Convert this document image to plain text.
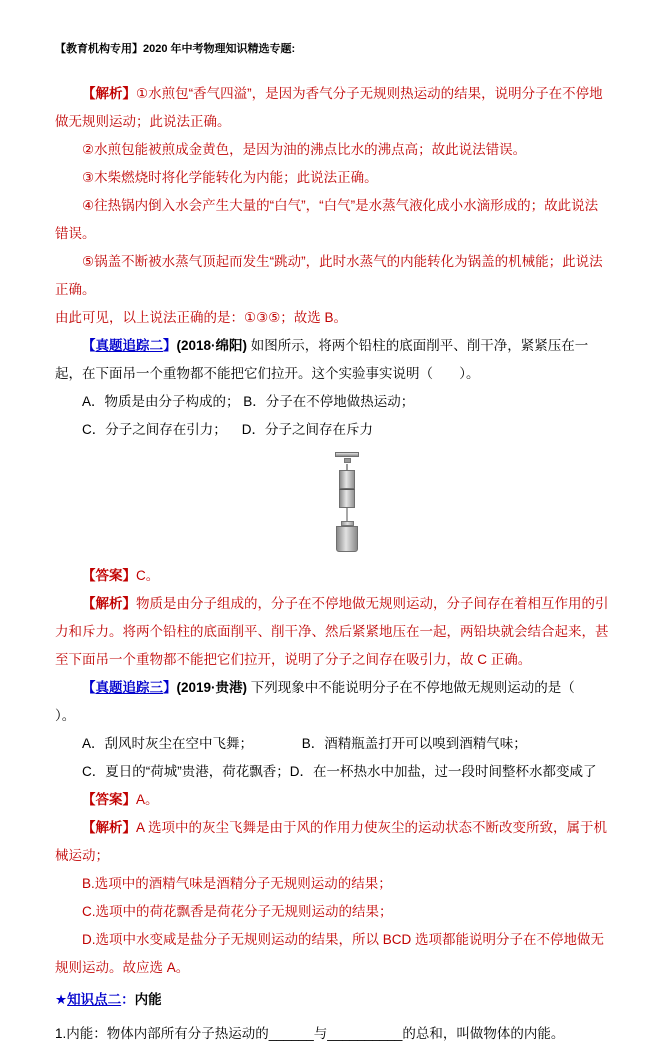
【教育机构专用】2020 年中考物理知识精选专题:

【解析】①水煎包“香气四溢”，是因为香气分子无规则热运动的结果，说明分子在不停地做无规则运动；此说法正确。

②水煎包能被煎成金黄色，是因为油的沸点比水的沸点高；故此说法错误。

③木柴燃烧时将化学能转化为内能；此说法正确。

④往热锅内倒入水会产生大量的“白气”，“白气”是水蒸气液化成小水滴形成的；故此说法错误。

⑤锅盖不断被水蒸气顶起而发生“跳动”，此时水蒸气的内能转化为锅盖的机械能；此说法正确。

由此可见，以上说法正确的是：①③⑤；故选 B。

【真题追踪二】(2018·绵阳) 如图所示，将两个铅柱的底面削平、削干净，紧紧压在一起，在下面吊一个重物都不能把它们拉开。这个实验事实说明（       ）。

A．物质是由分子构成的； B．分子在不停地做热运动；

C．分子之间存在引力；    D．分子之间存在斥力

【答案】C。

【解析】物质是由分子组成的，分子在不停地做无规则运动，分子间存在着相互作用的引力和斥力。将两个铅柱的底面削平、削干净、然后紧紧地压在一起，两铅块就会结合起来，甚至下面吊一个重物都不能把它们拉开，说明了分子之间存在吸引力，故 C 正确。

【真题追踪三】(2019·贵港) 下列现象中不能说明分子在不停地做无规则运动的是（      ）。

A．刮风时灰尘在空中飞舞；             B．酒精瓶盖打开可以嗅到酒精气味；

C．夏日的“荷城”贵港，荷花飘香；D．在一杯热水中加盐，过一段时间整杯水都变咸了

【答案】A。

【解析】A 选项中的灰尘飞舞是由于风的作用力使灰尘的运动状态不断改变所致，属于机械运动；

B.选项中的酒精气味是酒精分子无规则运动的结果；

C.选项中的荷花飘香是荷花分子无规则运动的结果；

D.选项中水变咸是盐分子无规则运动的结果，所以 BCD 选项都能说明分子在不停地做无规则运动。故应选 A。

★知识点二：内能

1.内能：物体内部所有分子热运动的______与__________的总和，叫做物体的内能。
